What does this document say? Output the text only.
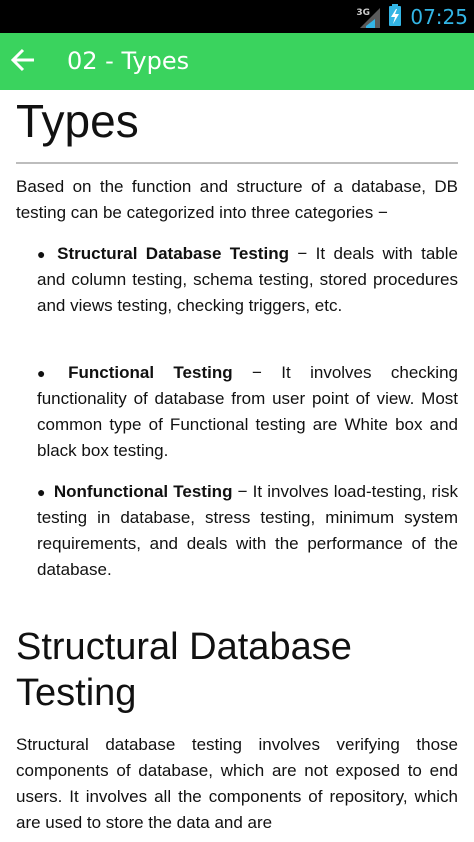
3G 07:25
02 - Types
Types

Based on the function and structure of a database, DB testing can be categorized into three categories −

● Structural Database Testing − It deals with table and column testing, schema testing, stored procedures and views testing, checking triggers, etc.

● Functional Testing − It involves checking functionality of database from user point of view. Most common type of Functional testing are White box and black box testing.

● Nonfunctional Testing − It involves load-testing, risk testing in database, stress testing, minimum system requirements, and deals with the performance of the database.

Structural Database Testing

Structural database testing involves verifying those components of database, which are not exposed to end users. It involves all the components of repository, which are used to store the data and are
